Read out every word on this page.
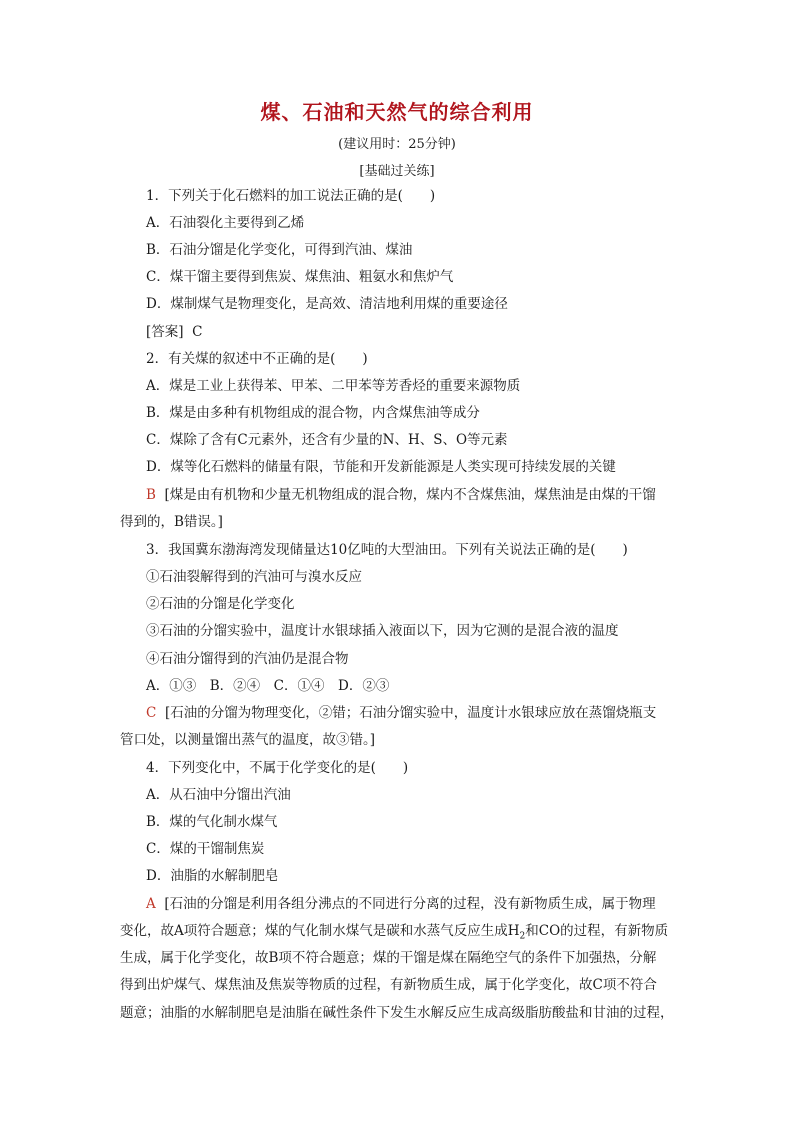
煤、石油和天然气的综合利用
(建议用时：25分钟)
[基础过关练]
1．下列关于化石燃料的加工说法正确的是(　　)
A．石油裂化主要得到乙烯
B．石油分馏是化学变化，可得到汽油、煤油
C．煤干馏主要得到焦炭、煤焦油、粗氨水和焦炉气
D．煤制煤气是物理变化，是高效、清洁地利用煤的重要途径
[答案] C
2．有关煤的叙述中不正确的是(　　)
A．煤是工业上获得苯、甲苯、二甲苯等芳香烃的重要来源物质
B．煤是由多种有机物组成的混合物，内含煤焦油等成分
C．煤除了含有C元素外，还含有少量的N、H、S、O等元素
D．煤等化石燃料的储量有限，节能和开发新能源是人类实现可持续发展的关键
B [煤是由有机物和少量无机物组成的混合物，煤内不含煤焦油，煤焦油是由煤的干馏
得到的，B错误。]
3．我国冀东渤海湾发现储量达10亿吨的大型油田。下列有关说法正确的是(　　)
①石油裂解得到的汽油可与溴水反应
②石油的分馏是化学变化
③石油的分馏实验中，温度计水银球插入液面以下，因为它测的是混合液的温度
④石油分馏得到的汽油仍是混合物
A．①③　B．②④　C．①④　D．②③
C [石油的分馏为物理变化，②错；石油分馏实验中，温度计水银球应放在蒸馏烧瓶支
管口处，以测量馏出蒸气的温度，故③错。]
4．下列变化中，不属于化学变化的是(　　)
A．从石油中分馏出汽油
B．煤的气化制水煤气
C．煤的干馏制焦炭
D．油脂的水解制肥皂
A [石油的分馏是利用各组分沸点的不同进行分离的过程，没有新物质生成，属于物理
变化，故A项符合题意；煤的气化制水煤气是碳和水蒸气反应生成$H_2$和CO的过程，有新物质
生成，属于化学变化，故B项不符合题意；煤的干馏是煤在隔绝空气的条件下加强热，分解
得到出炉煤气、煤焦油及焦炭等物质的过程，有新物质生成，属于化学变化，故C项不符合
题意；油脂的水解制肥皂是油脂在碱性条件下发生水解反应生成高级脂肪酸盐和甘油的过程，
